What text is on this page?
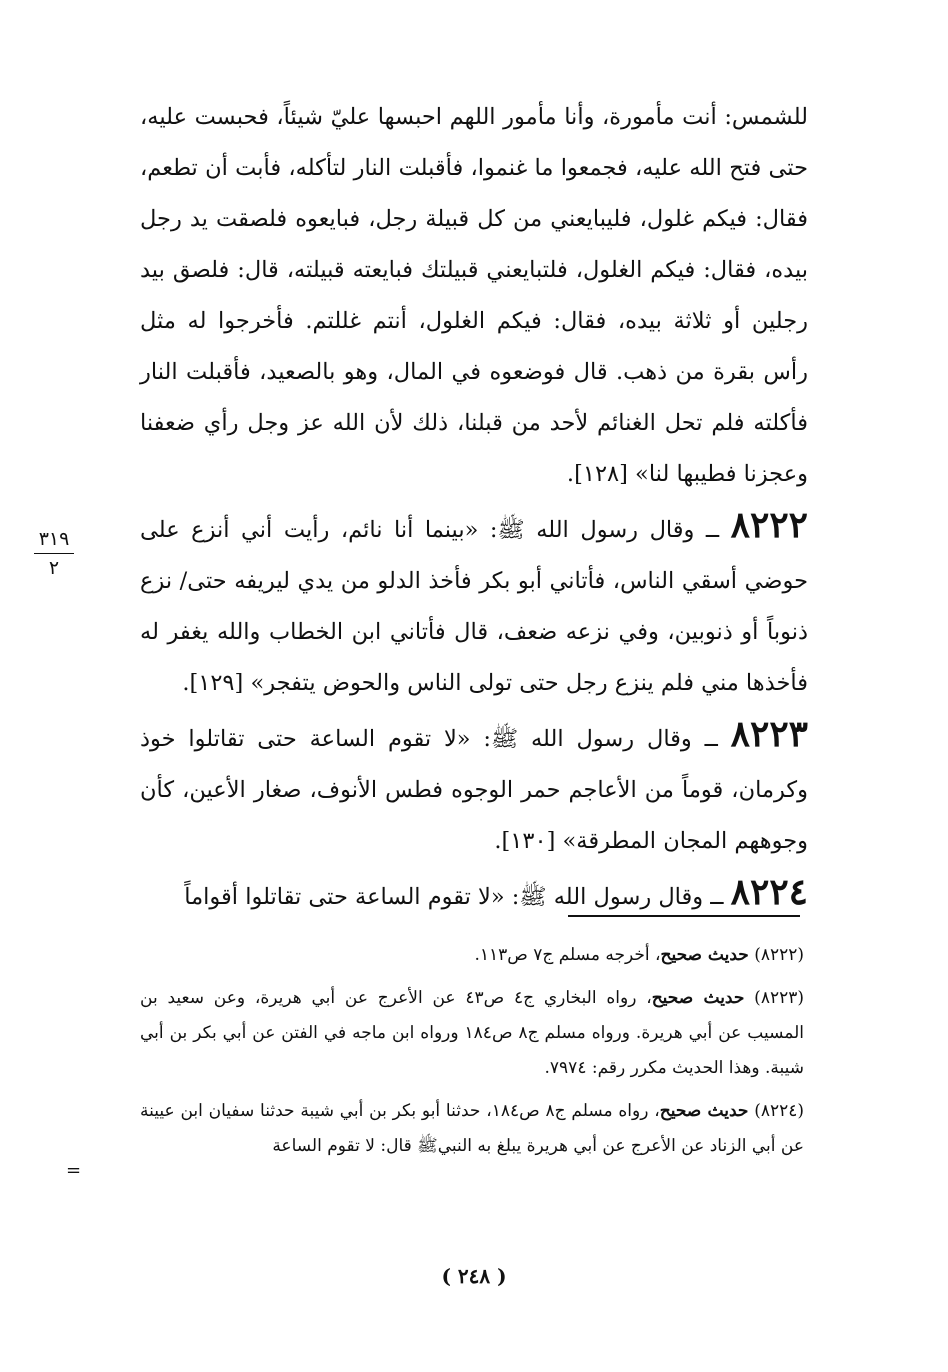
للشمس: أنت مأمورة، وأنا مأمور اللهم احبسها عليّ شيئاً، فحبست عليه، حتى فتح الله عليه، فجمعوا ما غنموا، فأقبلت النار لتأكله، فأبت أن تطعم، فقال: فيكم غلول، فليبايعني من كل قبيلة رجل، فبايعوه فلصقت يد رجل بيده، فقال: فيكم الغلول، فلتبايعني قبيلتك فبايعته قبيلته، قال: فلصق بيد رجلين أو ثلاثة بيده، فقال: فيكم الغلول، أنتم غللتم. فأخرجوا له مثل رأس بقرة من ذهب. قال فوضعوه في المال، وهو بالصعيد، فأقبلت النار فأكلته فلم تحل الغنائم لأحد من قبلنا، ذلك لأن الله عز وجل رأي ضعفنا وعجزنا فطيبها لنا» [١٢٨].

٨٢٢٢ ــ وقال رسول الله ﷺ: «بينما أنا نائم، رأيت أني أنزع على حوضي أسقي الناس، فأتاني أبو بكر فأخذ الدلو من يدي ليريفه حتى/ نزع ذنوباً أو ذنوبين، وفي نزعه ضعف، قال فأتاني ابن الخطاب والله يغفر له فأخذها مني فلم ينزع رجل حتى تولى الناس والحوض يتفجر» [١٢٩].

٨٢٢٣ ــ وقال رسول الله ﷺ: «لا تقوم الساعة حتى تقاتلوا خوذ وكرمان، قوماً من الأعاجم حمر الوجوه فطس الأنوف، صغار الأعين، كأن وجوههم المجان المطرقة» [١٣٠].

٨٢٢٤ ــ وقال رسول الله ﷺ: «لا تقوم الساعة حتى تقاتلوا أقواماً

٣١٩
٢

(٨٢٢٢) حديث صحيح، أخرجه مسلم ج٧ ص١١٣.

(٨٢٢٣) حديث صحيح، رواه البخاري ج٤ ص٤٣ عن الأعرج عن أبي هريرة، وعن سعيد بن المسيب عن أبي هريرة. ورواه مسلم ج٨ ص١٨٤ ورواه ابن ماجه في الفتن عن أبي بكر بن أبي شيبة. وهذا الحديث مكرر رقم: ٧٩٧٤.

(٨٢٢٤) حديث صحيح، رواه مسلم ج٨ ص١٨٤، حدثنا أبو بكر بن أبي شيبة حدثنا سفيان ابن عيينة عن أبي الزناد عن الأعرج عن أبي هريرة يبلغ به النبيﷺ قال: لا تقوم الساعة

=
( ٢٤٨ )
